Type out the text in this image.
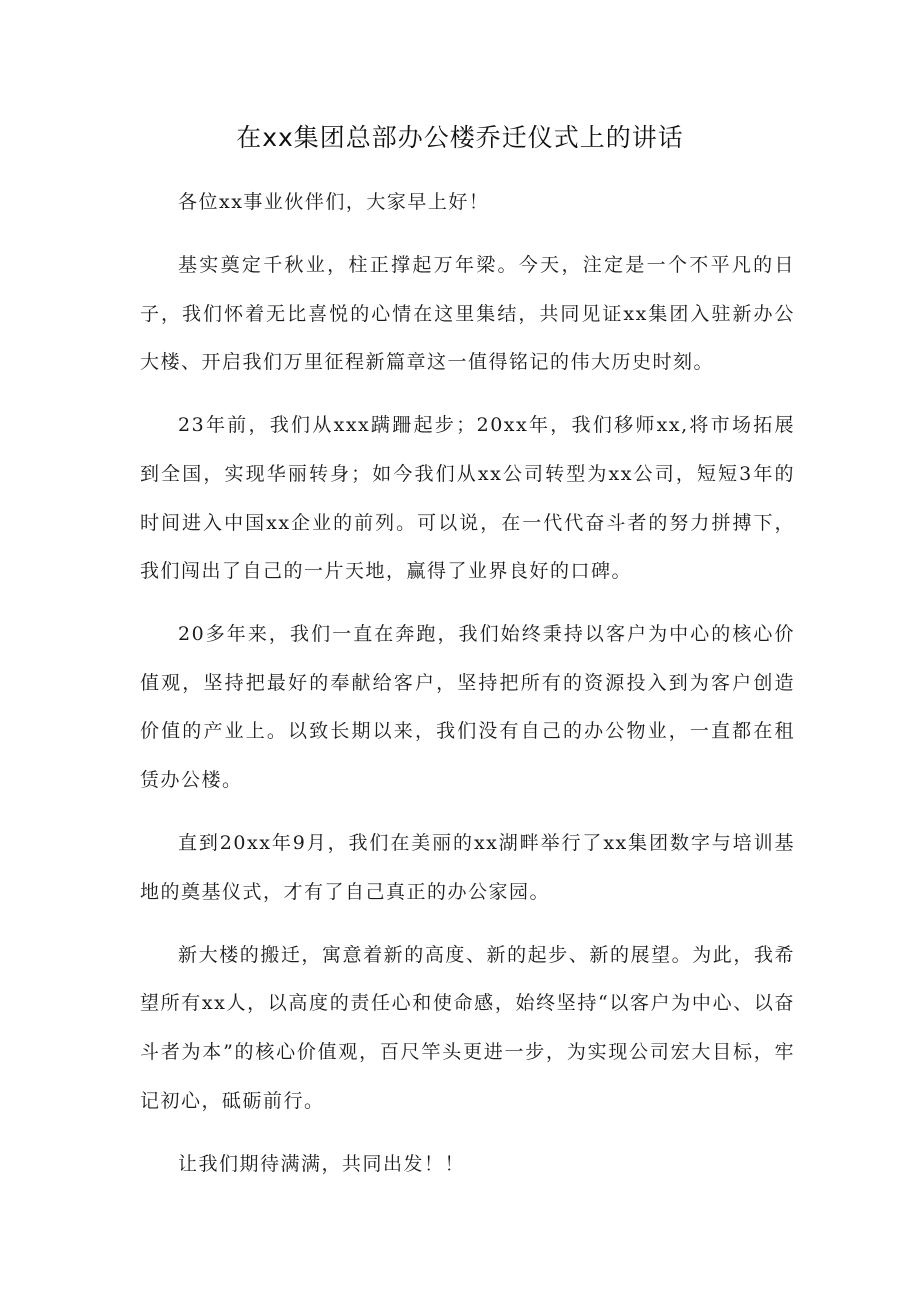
在xx集团总部办公楼乔迁仪式上的讲话

各位xx事业伙伴们，大家早上好！

基实奠定千秋业，柱正撑起万年梁。今天，注定是一个不平凡的日子，我们怀着无比喜悦的心情在这里集结，共同见证xx集团入驻新办公大楼、开启我们万里征程新篇章这一值得铭记的伟大历史时刻。

23年前，我们从xxx蹒跚起步；20xx年，我们移师xx,将市场拓展到全国，实现华丽转身；如今我们从xx公司转型为xx公司，短短3年的时间进入中国xx企业的前列。可以说，在一代代奋斗者的努力拼搏下，我们闯出了自己的一片天地，赢得了业界良好的口碑。

20多年来，我们一直在奔跑，我们始终秉持以客户为中心的核心价值观，坚持把最好的奉献给客户，坚持把所有的资源投入到为客户创造价值的产业上。以致长期以来，我们没有自己的办公物业，一直都在租赁办公楼。

直到20xx年9月，我们在美丽的xx湖畔举行了xx集团数字与培训基地的奠基仪式，才有了自己真正的办公家园。

新大楼的搬迁，寓意着新的高度、新的起步、新的展望。为此，我希望所有xx人，以高度的责任心和使命感，始终坚持“以客户为中心、以奋斗者为本”的核心价值观，百尺竿头更进一步，为实现公司宏大目标，牢记初心，砥砺前行。

让我们期待满满，共同出发！！
